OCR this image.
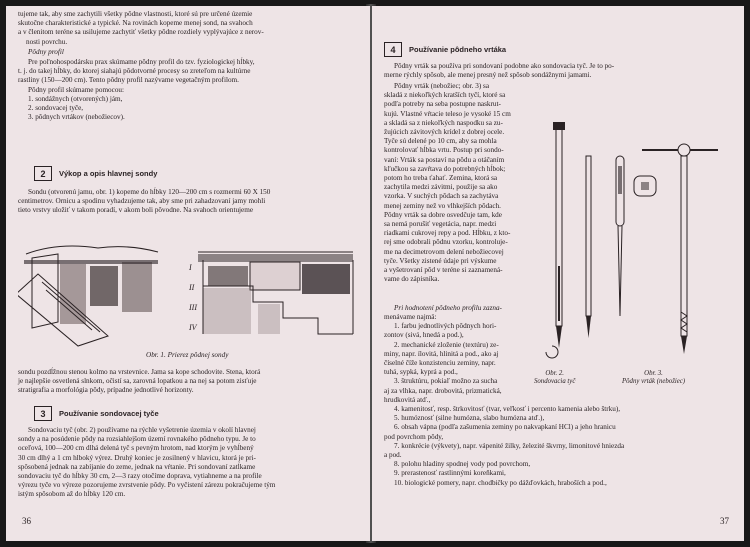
tujeme tak, aby sme zachytili všetky pôdne vlastnosti, ktoré sú pre určené územie

skutočne charakteristické a typické. Na rovinách kopeme menej sond, na svahoch

a v členitom teréne sa usilujeme zachytiť všetky pôdne rozdiely vyplývajúce z nerov-

nosti povrchu.

Pôdny profil

Pre poľnohospodársku prax skúmame pôdny profil do tzv. fyziologickej hĺbky,

t. j. do takej hĺbky, do ktorej siahajú pôdotvorné procesy so zreteľom na kultúrne

rastliny (150—200 cm). Tento pôdny profil nazývame vegetačným profilom.

Pôdny profil skúmame pomocou:

1. sondážnych (otvorených) jám,

2. sondovacej tyče,

3. pôdnych vrtákov (nebožiecov).

2	Výkop a opis hlavnej sondy

Sondu (otvorenú jamu, obr. 1) kopeme do hĺbky 120—200 cm s rozmermi 60 X 150

centimetrov. Ornicu a spodinu vyhadzujeme tak, aby sme pri zahadzovaní jamy mohli

tieto vrstvy uložiť v takom poradí, v akom boli pôvodne. Na svahoch orientujeme

I
II
III
IV
Obr. 1. Prierez pôdnej sondy

sondu pozdĺžnou stenou kolmo na vrstevnice. Jama sa kope schodovite. Stena, ktorá

je najlepšie osvetlená slnkom, očistí sa, zarovná lopatkou a na nej sa potom zisťuje

stratigrafia a morfológia pôdy, prípadne jednotlivé horizonty.

3	Používanie sondovacej tyče

Sondovaciu tyč (obr. 2) používame na rýchle vyšetrenie územia v okolí hlavnej

sondy a na posúdenie pôdy na rozsiahlejšom území rovnakého pôdneho typu. Je to

oceľová, 100—200 cm dlhá delená tyč s pevným hrotom, nad ktorým je vyhĺbený

30 cm dlhý a 1 cm hlboký výrez. Druhý koniec je zosilnený v hlavicu, ktorá je pri-

spôsobená jednak na zabíjanie do zeme, jednak na vŕtanie. Pri sondovaní zatĺkame

sondovaciu tyč do hĺbky 30 cm, 2—3 razy otočíme doprava, vytiahneme a na profile

výrezu tyče vo výreze pozorujeme zvrstvenie pôdy. Po vyčistení zárezu pokračujeme tým

istým spôsobom až do hĺbky 120 cm.

36
4	Používanie pôdneho vrtáka

Pôdny vrták sa používa pri sondovaní podobne ako sondovacia tyč. Je to po-

merne rýchly spôsob, ale menej presný než spôsob sondážnymi jamami.

Pôdny vrták (nebožiec; obr. 3) sa

skladá z niekoľkých kratších tyčí, ktoré sa

podľa potreby na seba postupne naskrut-

kujú. Vlastné vŕtacie teleso je vysoké 15 cm

a skladá sa z niekoľkých naspodku sa zu-

žujúcich závitových krídel z dobrej ocele.

Tyče sú delené po 10 cm, aby sa mohla

kontrolovať hĺbka vrtu. Postup pri sondo-

vaní: Vrták sa postaví na pôdu a otáčaním

kľučkou sa zavŕtava do potrebných hĺbok;

potom ho treba ťahať. Zemina, ktorá sa

zachytila medzi závitmi, použije sa ako

vzorka. V suchých pôdach sa zachytáva

menej zeminy než vo vlhkejších pôdach.

Pôdny vrták sa dobre osvedčuje tam, kde

sa nemá porušiť vegetácia, napr. medzi

riadkami cukrovej repy a pod. Hĺbku, z kto-

rej sme odobrali pôdnu vzorku, kontroluje-

me na decimetrovom delení nebožiecovej

tyče. Všetky zistené údaje pri výskume

a vyšetrovaní pôd v teréne si zaznamená-

vame do zápisníka.

Pri hodnotení pôdneho profilu zazna-

menávame najmä:

1. farbu jednotlivých pôdnych hori-

zontov (sivá, hnedá a pod.),

2. mechanické zloženie (textúru) ze-

miny, napr. ílovitá, hlinitá a pod., ako aj

číselné číže konzistenciu zeminy, napr.

tuhá, sypká, kyprá a pod.,

3. štruktúru, pokiaľ možno za sucha

aj za vlhka, napr. drobovitá, prizmatická,

hrudkovitá atď.,

4. kamenitosť, resp. štrkovitosť (tvar, veľkosť i percento kamenia alebo štrku),

5. humóznosť (silne humózna, slabo humózna atď.),

6. obsah vápna (podľa zašumenia zeminy po nakvapkaní HCl) a jeho hranicu

pod povrchom pôdy,

7. konkrécie (výkvety), napr. vápenité žilky, železité škvrny, limonitové hniezda

a pod.

8. polohu hladiny spodnej vody pod povrchom,

9. prerastenosť rastlinnými koreňkami,

10. biologické pomery, napr. chodbičky po dážďovkách, hraboších a pod.,

Obr. 2.
Sondovacia tyč
Obr. 3.
Pôdny vrták (nebožiec)
37
